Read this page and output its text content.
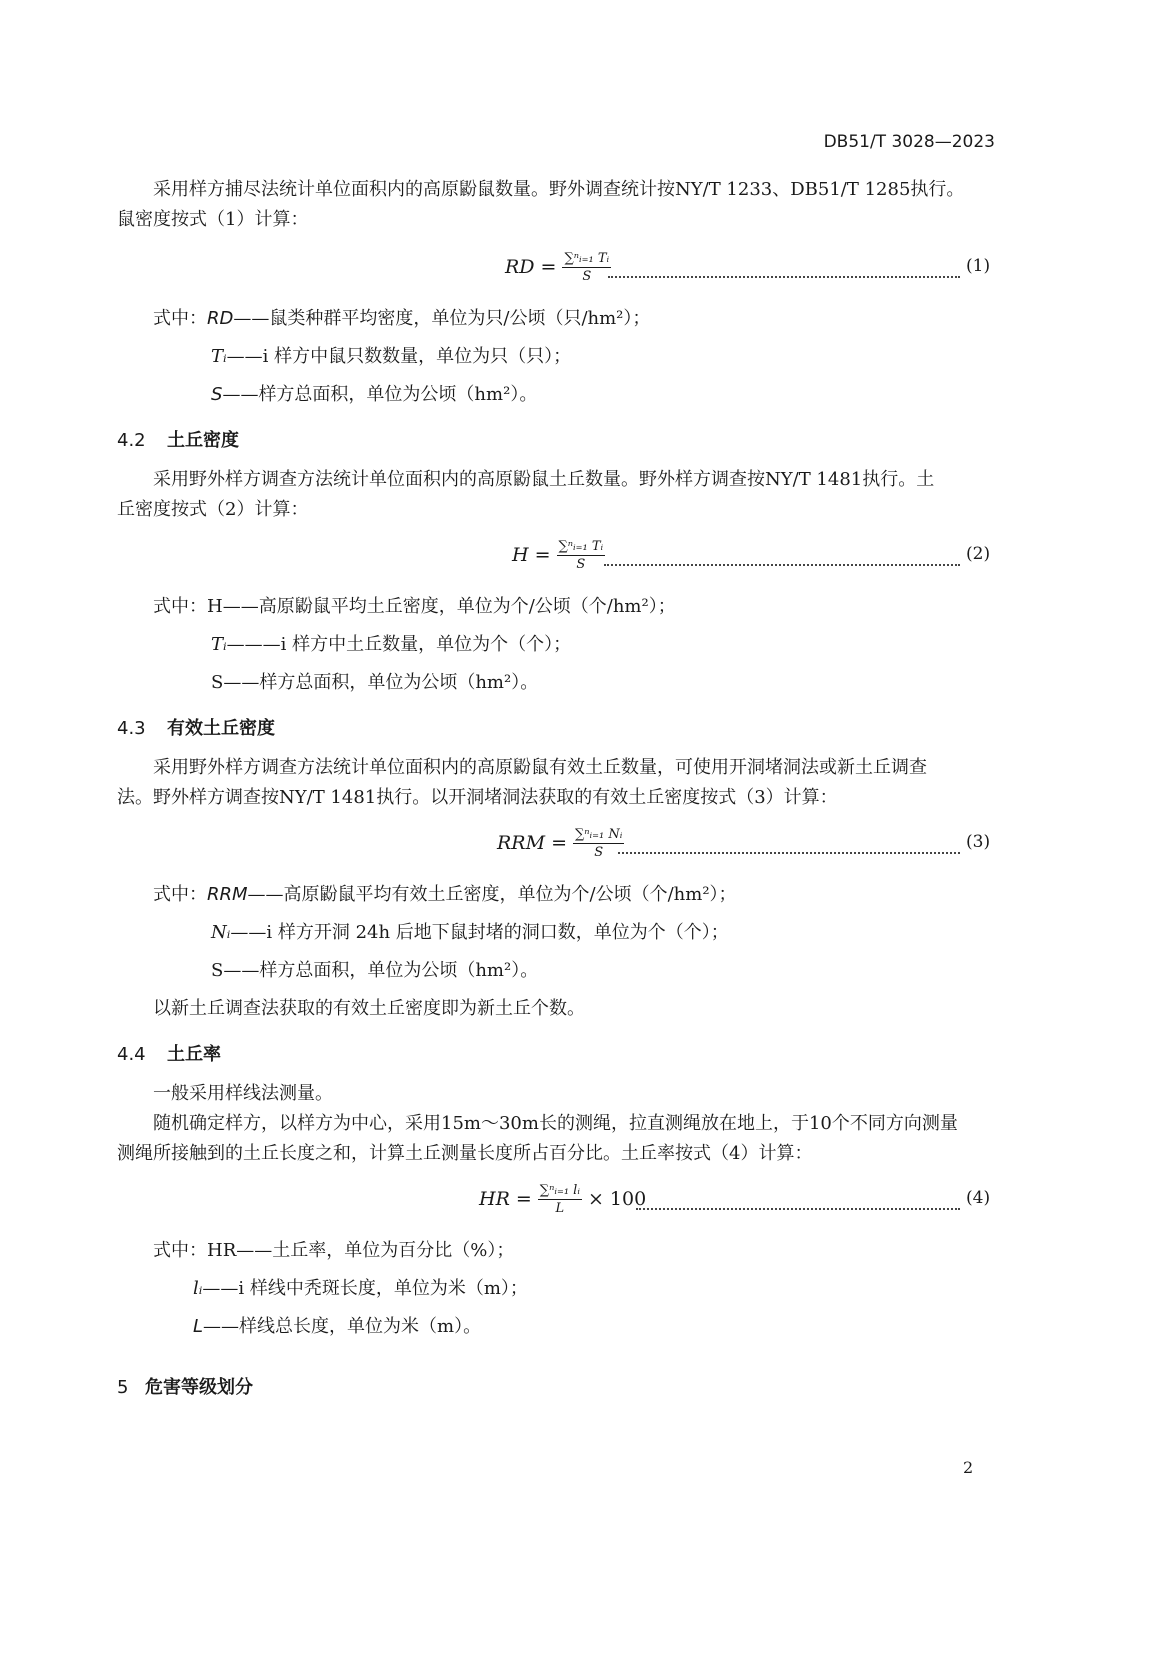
DB51/T 3028—2023
采用样方捕尽法统计单位面积内的高原鼢鼠数量。野外调查统计按NY/T 1233、DB51/T 1285执行。
鼠密度按式（1）计算：
RD = $\frac{\text{∑ⁿᵢ₌₁ Tᵢ}}{S}$	(1)
式中：RD——鼠类种群平均密度，单位为只/公顷（只/hm²）；
Tᵢ——i 样方中鼠只数数量，单位为只（只）；
S——样方总面积，单位为公顷（hm²）。
4.2 土丘密度
采用野外样方调查方法统计单位面积内的高原鼢鼠土丘数量。野外样方调查按NY/T 1481执行。土
丘密度按式（2）计算：
$H = \frac{\text{∑ⁿᵢ₌₁ Tᵢ}}{S}$	(2)
式中：H——高原鼢鼠平均土丘密度，单位为个/公顷（个/hm²）；
Tᵢ———i 样方中土丘数量，单位为个（个）；
S——样方总面积，单位为公顷（hm²）。
4.3 有效土丘密度
采用野外样方调查方法统计单位面积内的高原鼢鼠有效土丘数量，可使用开洞堵洞法或新土丘调查
法。野外样方调查按NY/T 1481执行。以开洞堵洞法获取的有效土丘密度按式（3）计算：
RRM = $\frac{\text{∑ⁿᵢ₌₁ Nᵢ}}{S}$	(3)
式中：RRM——高原鼢鼠平均有效土丘密度，单位为个/公顷（个/hm²）；
Nᵢ——i 样方开洞 24h 后地下鼠封堵的洞口数，单位为个（个）；
S——样方总面积，单位为公顷（hm²）。
以新土丘调查法获取的有效土丘密度即为新土丘个数。
4.4 土丘率
一般采用样线法测量。
随机确定样方，以样方为中心，采用15m～30m长的测绳，拉直测绳放在地上，于10个不同方向测量
测绳所接触到的土丘长度之和，计算土丘测量长度所占百分比。土丘率按式（4）计算：
HR = $\frac{\text{∑ⁿᵢ₌₁ lᵢ}}{L} \times 100$	(4)
式中：HR——土丘率，单位为百分比（%）；
lᵢ——i 样线中秃斑长度，单位为米（m）；
L——样线总长度，单位为米（m）。
5 危害等级划分
2
